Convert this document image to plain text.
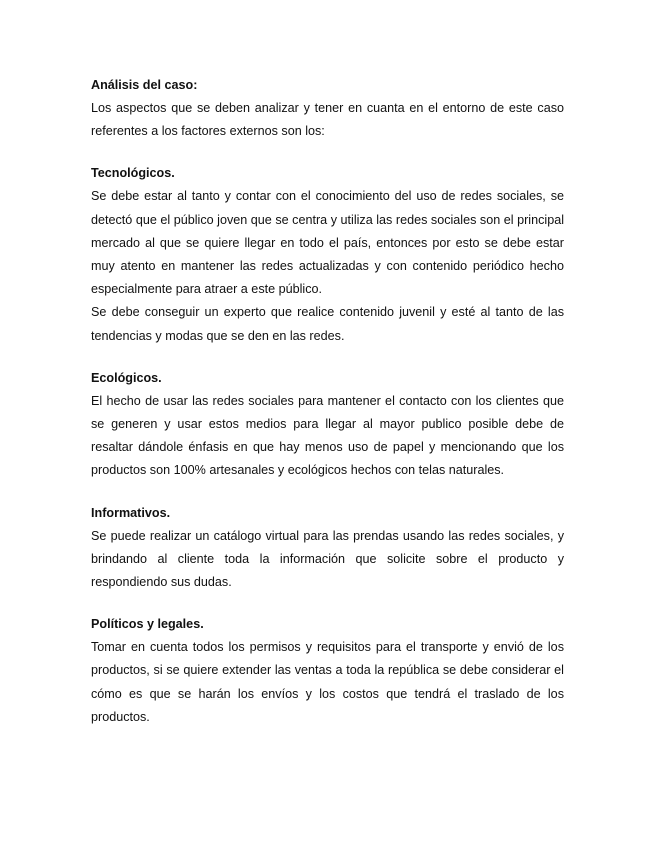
Análisis del caso:

Los aspectos que se deben analizar y tener en cuanta en el entorno de este caso referentes a los factores externos son los:

Tecnológicos.

Se debe estar al tanto y contar con el conocimiento del uso de redes sociales, se detectó que el público joven que se centra y utiliza las redes sociales son el principal mercado al que se quiere llegar en todo el país, entonces por esto se debe estar muy atento en mantener las redes actualizadas y con contenido periódico hecho especialmente para atraer a este público.

Se debe conseguir un experto que realice contenido juvenil y esté al tanto de las tendencias y modas que se den en las redes.

Ecológicos.

El hecho de usar las redes sociales para mantener el contacto con los clientes que se generen y usar estos medios para llegar al mayor publico posible debe de resaltar dándole énfasis en que hay menos uso de papel y mencionando que los productos son 100% artesanales y ecológicos hechos con telas naturales.

Informativos.

Se puede realizar un catálogo virtual para las prendas usando las redes sociales, y brindando al cliente toda la información que solicite sobre el producto y respondiendo sus dudas.

Políticos y legales.

Tomar en cuenta todos los permisos y requisitos para el transporte y envió de los productos, si se quiere extender las ventas a toda la república se debe considerar el cómo es que se harán los envíos y los costos que tendrá el traslado de los productos.
